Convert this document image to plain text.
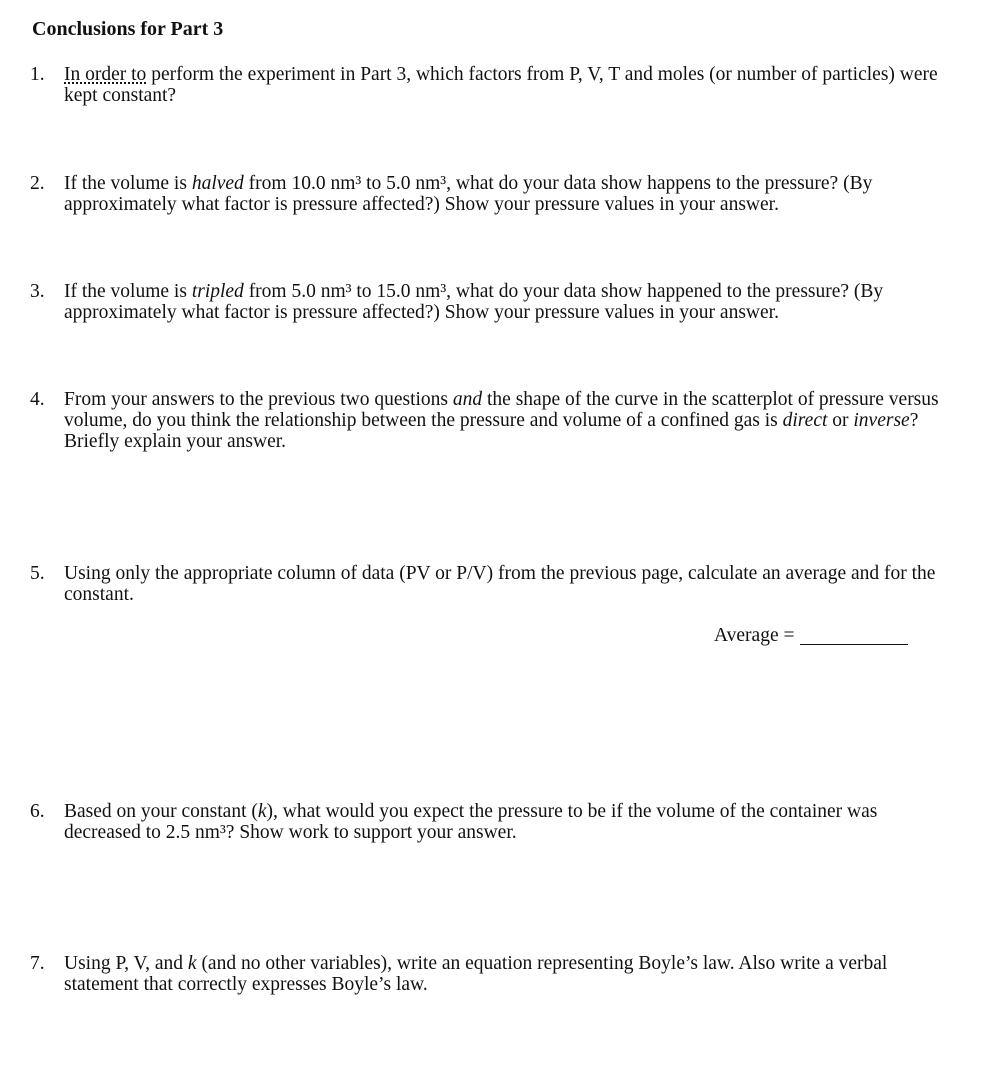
Conclusions for Part 3
1. In order to perform the experiment in Part 3, which factors from P, V, T and moles (or number of particles) were kept constant?
2. If the volume is halved from 10.0 nm³ to 5.0 nm³, what do your data show happens to the pressure? (By approximately what factor is pressure affected?) Show your pressure values in your answer.
3. If the volume is tripled from 5.0 nm³ to 15.0 nm³, what do your data show happened to the pressure? (By approximately what factor is pressure affected?) Show your pressure values in your answer.
4. From your answers to the previous two questions and the shape of the curve in the scatterplot of pressure versus volume, do you think the relationship between the pressure and volume of a confined gas is direct or inverse? Briefly explain your answer.
5. Using only the appropriate column of data (PV or P/V) from the previous page, calculate an average and for the constant.
Average =
6. Based on your constant (k), what would you expect the pressure to be if the volume of the container was decreased to 2.5 nm³? Show work to support your answer.
7. Using P, V, and k (and no other variables), write an equation representing Boyle’s law. Also write a verbal statement that correctly expresses Boyle’s law.
